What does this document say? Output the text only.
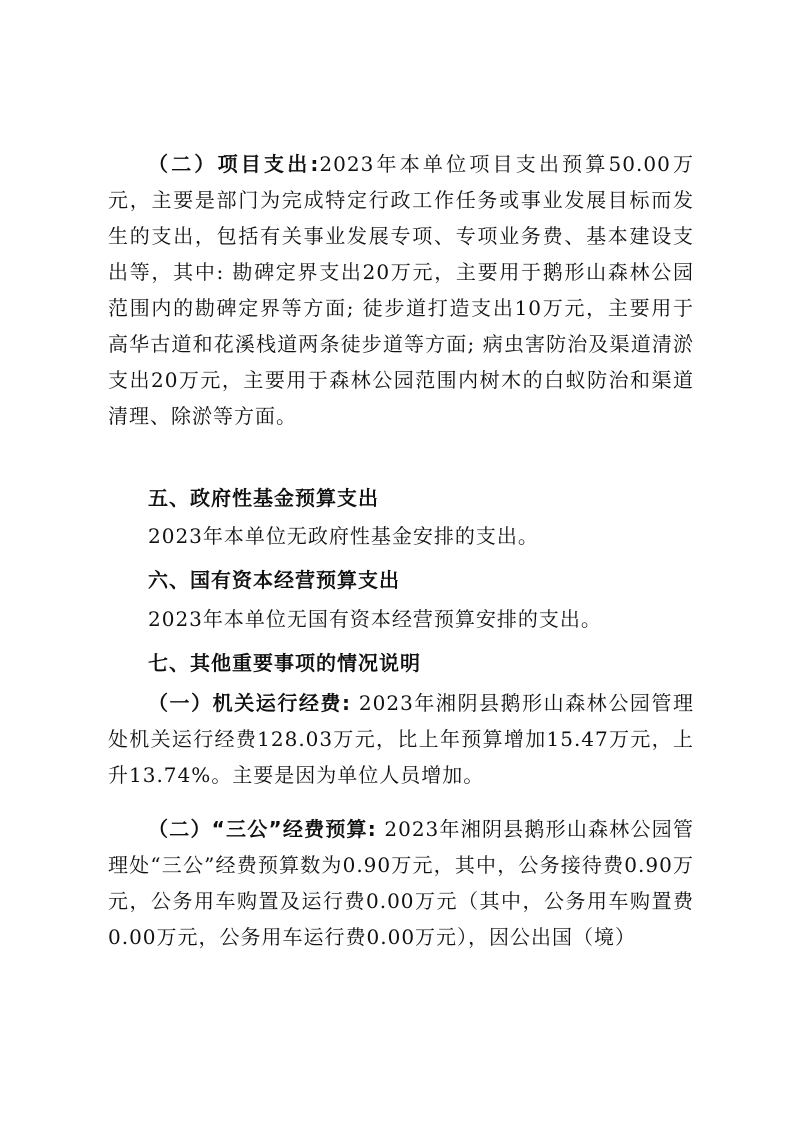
（二）项目支出:2023年本单位项目支出预算50.00万元，主要是部门为完成特定行政工作任务或事业发展目标而发生的支出，包括有关事业发展专项、专项业务费、基本建设支出等，其中: 勘碑定界支出20万元，主要用于鹅形山森林公园范围内的勘碑定界等方面; 徒步道打造支出10万元，主要用于高华古道和花溪栈道两条徒步道等方面; 病虫害防治及渠道清淤支出20万元，主要用于森林公园范围内树木的白蚁防治和渠道清理、除淤等方面。

五、政府性基金预算支出

2023年本单位无政府性基金安排的支出。

六、国有资本经营预算支出

2023年本单位无国有资本经营预算安排的支出。

七、其他重要事项的情况说明

（一）机关运行经费: 2023年湘阴县鹅形山森林公园管理处机关运行经费128.03万元，比上年预算增加15.47万元，上升13.74%。主要是因为单位人员增加。

（二）“三公”经费预算: 2023年湘阴县鹅形山森林公园管理处“三公”经费预算数为0.90万元，其中，公务接待费0.90万元，公务用车购置及运行费0.00万元（其中，公务用车购置费0.00万元，公务用车运行费0.00万元），因公出国（境）
